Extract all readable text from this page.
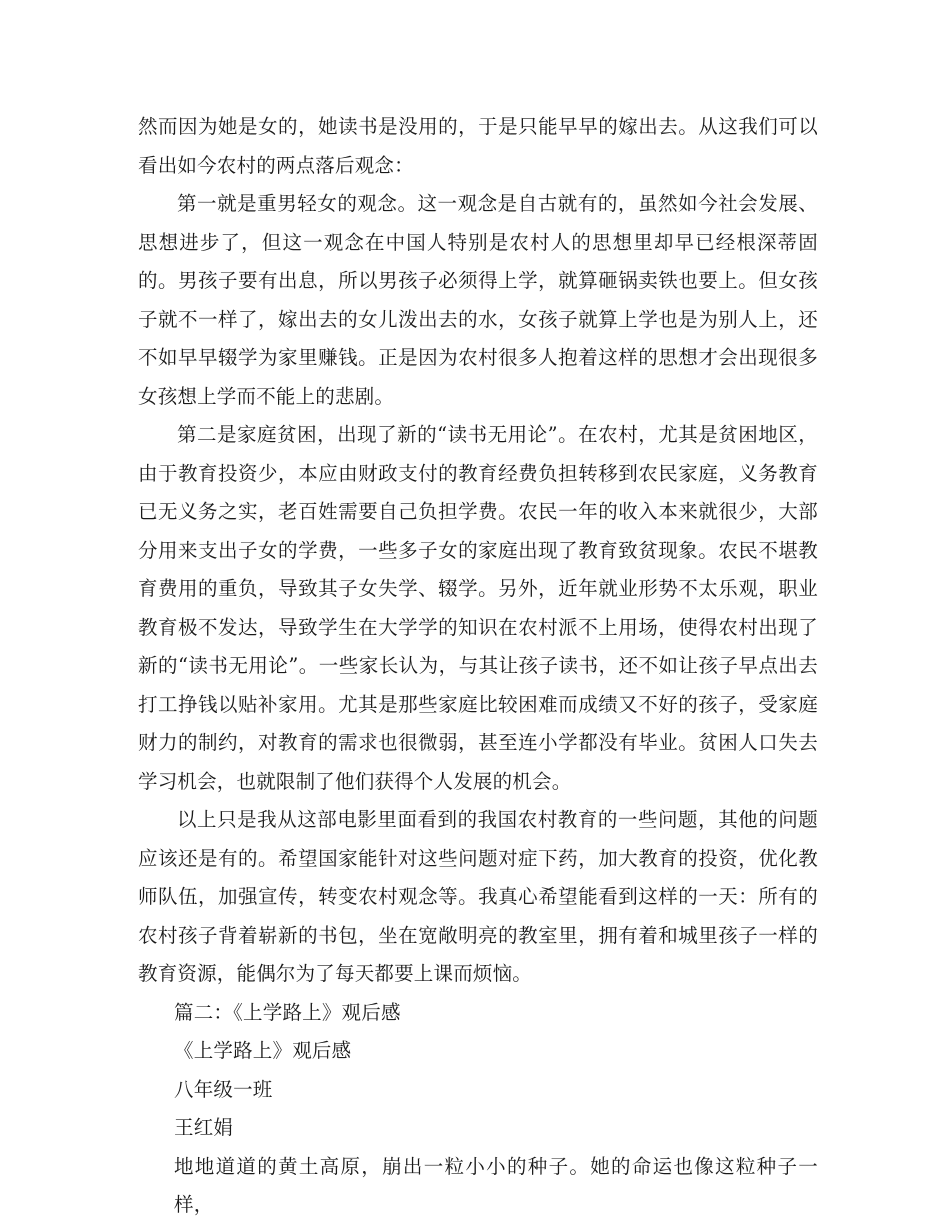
然而因为她是女的，她读书是没用的，于是只能早早的嫁出去。从这我们可以看出如今农村的两点落后观念：

第一就是重男轻女的观念。这一观念是自古就有的，虽然如今社会发展、思想进步了，但这一观念在中国人特别是农村人的思想里却早已经根深蒂固的。男孩子要有出息，所以男孩子必须得上学，就算砸锅卖铁也要上。但女孩子就不一样了，嫁出去的女儿泼出去的水，女孩子就算上学也是为别人上，还不如早早辍学为家里赚钱。正是因为农村很多人抱着这样的思想才会出现很多女孩想上学而不能上的悲剧。

第二是家庭贫困，出现了新的“读书无用论”。在农村，尤其是贫困地区，由于教育投资少，本应由财政支付的教育经费负担转移到农民家庭，义务教育已无义务之实，老百姓需要自己负担学费。农民一年的收入本来就很少，大部分用来支出子女的学费，一些多子女的家庭出现了教育致贫现象。农民不堪教育费用的重负，导致其子女失学、辍学。另外，近年就业形势不太乐观，职业教育极不发达，导致学生在大学学的知识在农村派不上用场，使得农村出现了新的“读书无用论”。一些家长认为，与其让孩子读书，还不如让孩子早点出去打工挣钱以贴补家用。尤其是那些家庭比较困难而成绩又不好的孩子，受家庭财力的制约，对教育的需求也很微弱，甚至连小学都没有毕业。贫困人口失去学习机会，也就限制了他们获得个人发展的机会。

以上只是我从这部电影里面看到的我国农村教育的一些问题，其他的问题应该还是有的。希望国家能针对这些问题对症下药，加大教育的投资，优化教师队伍，加强宣传，转变农村观念等。我真心希望能看到这样的一天：所有的农村孩子背着崭新的书包，坐在宽敞明亮的教室里，拥有着和城里孩子一样的教育资源，能偶尔为了每天都要上课而烦恼。

篇二：《上学路上》观后感

《上学路上》观后感

八年级一班

王红娟

地地道道的黄土高原，崩出一粒小小的种子。她的命运也像这粒种子一样，
